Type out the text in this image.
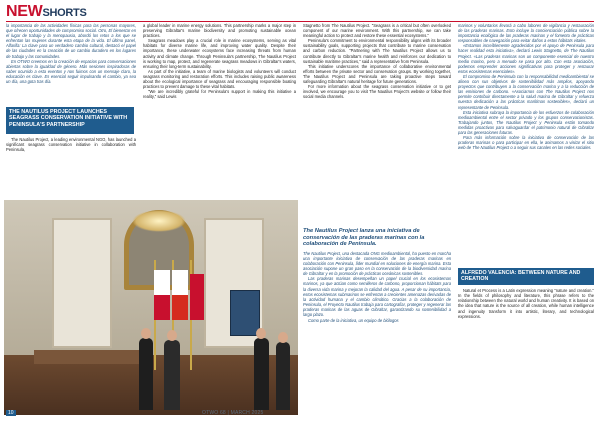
NEWSHORTS

la importancia de las actividades físicas para las personas mayores, que ofrecen oportunidades de compromiso social. Otro, El bienestar en el lugar de trabajo y la menopausia, abordó los retos a los que se enfrentan las mujeres durante esta etapa de la vida. El último panel, Alfarilla: La clave para un verdadero cambio cultural, destacó el papel de las ciudades en la creación de un cambio duradero en los lugares de trabajo y las comunidades.

En OTWO creemos en la creación de espacios para conversaciones abiertas sobre la igualdad de género. Más sesiones inspiradoras de saber ocurrido a esta eventos y nos fuimos con un mensaje claro, la educación es clave. Es esencial seguir impulsando el cambio, ya sea un día, una gota tras día.

THE NAUTILUS PROJECT LAUNCHES SEAGRASS CONSERVATION INITIATIVE WITH PENINSULA'S PARTNERSHIP

The Nautilus Project, a leading environmental NGO, has launched a significant seagrass conservation initiative in collaboration with Peninsula,

a global leader in marine energy solutions. This partnership marks a major step in preserving Gibraltar's marine biodiversity and promoting sustainable ocean practices.

Seagrass meadows play a crucial role in marine ecosystems, serving as vital habitats for diverse marine life, and improving water quality. Despite their importance, these underwater ecosystems face increasing threats from human activity and climate change. Through Peninsula's partnership, The Nautilus Project is working to map, protect, and regenerate seagrass meadows in Gibraltar's waters, ensuring their long-term sustainability.

As part of the initiative, a team of marine biologists and volunteers will conduct seagrass monitoring and restoration efforts. This includes raising public awareness about the ecological importance of seagrass and encouraging responsible boating practices to prevent damage to these vital habitats.

"We are incredibly grateful for Peninsula's support in making this initiative a reality," said Lewis

Stagnetto from The Nautilus Project. "Seagrass is a critical but often overlooked component of our marine environment. With this partnership, we can take meaningful action to protect and restore these essential ecosystems."

Peninsula's commitment to environmental responsibility aligns with its broader sustainability goals, supporting projects that contribute to marine conservation and carbon reduction. "Partnering with The Nautilus Project allows us to contribute directly to Gibraltar's marine health and reinforces our dedication to sustainable maritime practices," said a representative from Peninsula.

This initiative underscores the importance of collaborative environmental efforts between the private sector and conservation groups. By working together, The Nautilus Project and Peninsula are taking proactive steps toward safeguarding Gibraltar's natural heritage for future generations.

For more information about the seagrass conservation initiative or to get involved, we encourage you to visit The Nautilus Project's website or follow their social media channels.

The Nautilus Project lanza una iniciativa de conservación de las praderas marinas con la colaboración de Peninsula.

The Nautilus Project, una destacada ONG medioambiental, ha puesto en marcha una importante iniciativa de conservación de las praderas marinas en colaboración con Peninsula, líder mundial en soluciones de energía marina. Esta asociación supone un gran paso en la conservación de la biodiversidad marina de Gibraltar y en la promoción de prácticas oceánicas sostenibles.

Las praderas marinas desempeñan un papel crucial en los ecosistemas marinos, ya que actúan como semilleros de carbono, proporcionan hábitats para la diversa vida marina y mejoran la calidad del agua. A pesar de su importancia, estos ecosistemas submarinos se enfrentan a crecientes amenazas derivadas de la actividad humana y el cambio climático. Gracias a la colaboración de Peninsula, el Proyecto Nautilus trabaja para cartografiar, proteger y regenerar las praderas marinas de las aguas de Gibraltar, garantizando su sostenibilidad a largo plazo.

Como parte de la iniciativa, un equipo de biólogos

marinos y voluntarios llevará a cabo labores de vigilancia y restauración de las praderas marinas. Esto incluye la concienciación pública sobre la importancia ecológica de las praderas marinas y el fomento de prácticas responsables de navegación para evitar daños a estos hábitats vitales.

«Estamos increíblemente agradecidos por el apoyo de Peninsula para hacer realidad esta iniciativa», declaró Lewis Stagnetto, de The Nautilus Project. «Las praderas marinas son un componente esencial de nuestro medio marino, pero a menudo se pasa por alto. Con esta asociación, podemos emprender acciones significativas para proteger y restaurar estos ecosistemas esenciales».

El compromiso de Peninsula con la responsabilidad medioambiental se alinea con sus objetivos de sostenibilidad más amplios, apoyando proyectos que contribuyen a la conservación marina y a la reducción de las emisiones de carbono. «Asociarnos con The Nautilus Project nos permite contribuir directamente a la salud marina de Gibraltar y refuerza nuestra dedicación a las prácticas marítimas sostenibles», declaró un representante de Peninsula.

Esta iniciativa subraya la importancia de los esfuerzos de colaboración medioambiental entre el sector privado y los grupos conservacionistas. Trabajando juntos, The Nautilus Project y Peninsula están tomando medidas proactivas para salvaguardar el patrimonio natural de Gibraltar para las generaciones futuras.

Para más información sobre la iniciativa de conservación de las praderas marinas o para participar en ella, le animamos a visitar el sitio web de The Nautilus Project o a seguir sus canales en las redes sociales.

ALFREDO VALENCIA: BETWEEN NATURE AND CREATION

Natural et Process is a Latin expression meaning "nature and creation." In the fields of philosophy and literature, this phrase refers to the relationship between the natural world and human creativity. It is based on the idea that nature is the source of all creation, while human intelligence and ingenuity transform it into artistic, literary, and technological expressions.

10	OTWO 68 | MARCH 2025
